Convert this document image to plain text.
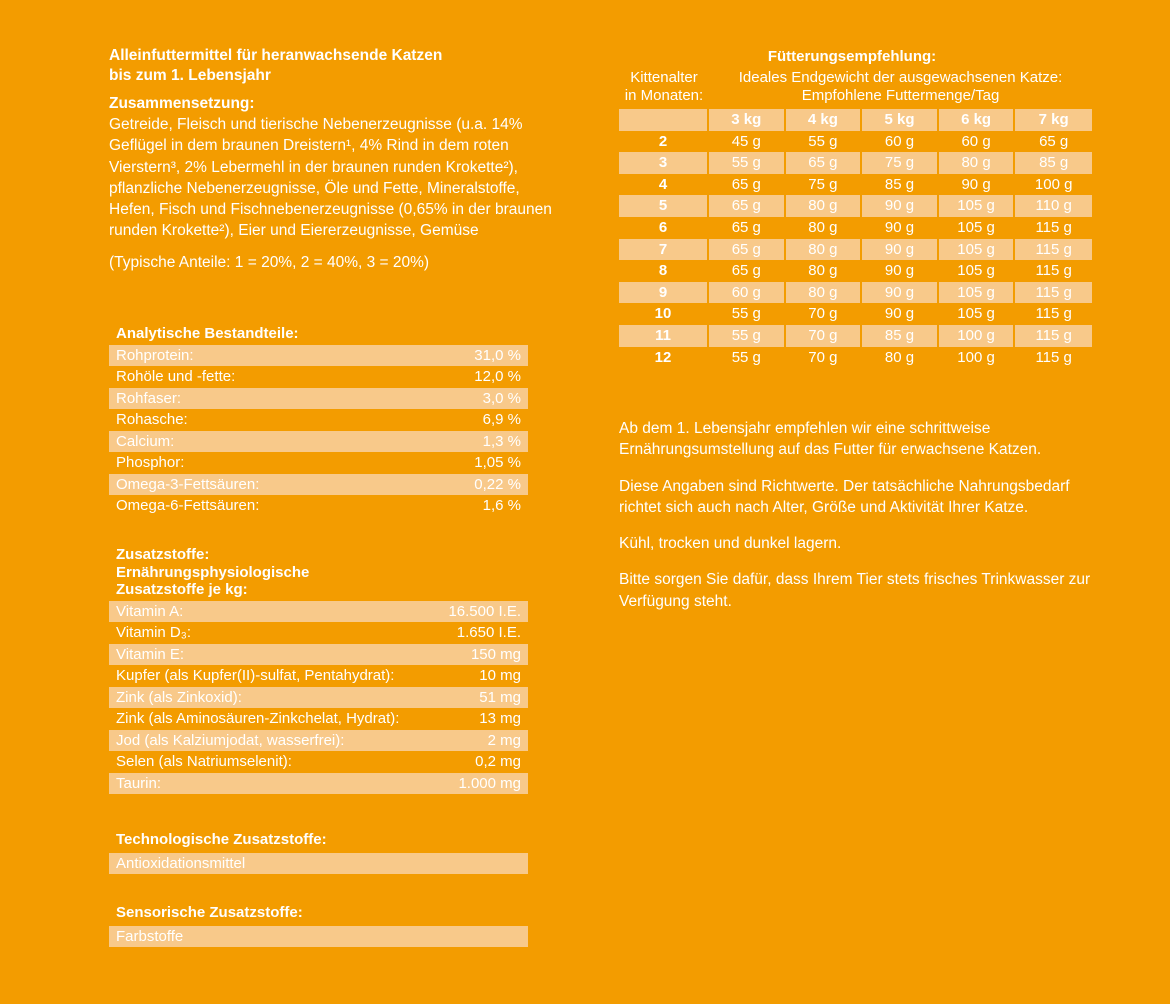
Alleinfuttermittel für heranwachsende Katzen
bis zum 1. Lebensjahr
Zusammensetzung:
Getreide, Fleisch und tierische Nebenerzeugnisse (u.a. 14% Geflügel in dem braunen Dreistern¹, 4% Rind in dem roten Vierstern³, 2% Lebermehl in der braunen runden Krokette²), pflanzliche Nebenerzeugnisse, Öle und Fette, Mineralstoffe, Hefen, Fisch und Fischnebenerzeugnisse (0,65% in der braunen runden Krokette²), Eier und Eiererzeugnisse, Gemüse
(Typische Anteile: 1 = 20%, 2 = 40%, 3 = 20%)
Analytische Bestandteile:
Rohprotein:	31,0 %
Rohöle und -fette:	12,0 %
Rohfaser:	3,0 %
Rohasche:	6,9 %
Calcium:	1,3 %
Phosphor:	1,05 %
Omega-3-Fettsäuren:	0,22 %
Omega-6-Fettsäuren:	1,6 %
Zusatzstoffe:
Ernährungsphysiologische
Zusatzstoffe je kg:
Vitamin A:	16.500 I.E.
Vitamin D₃:	1.650 I.E.
Vitamin E:	150 mg
Kupfer (als Kupfer(II)-sulfat, Pentahydrat):	10 mg
Zink (als Zinkoxid):	51 mg
Zink (als Aminosäuren-Zinkchelat, Hydrat):	13 mg
Jod (als Kalziumjodat, wasserfrei):	2 mg
Selen (als Natriumselenit):	0,2 mg
Taurin:	1.000 mg
Technologische Zusatzstoffe:
Antioxidationsmittel
Sensorische Zusatzstoffe:
Farbstoffe
Fütterungsempfehlung:
Kittenalter
in Monaten:
Ideales Endgewicht der ausgewachsenen Katze:
Empfohlene Futtermenge/Tag
3 kg	4 kg	5 kg	6 kg	7 kg
2	45 g	55 g	60 g	60 g	65 g
3	55 g	65 g	75 g	80 g	85 g
4	65 g	75 g	85 g	90 g	100 g
5	65 g	80 g	90 g	105 g	110 g
6	65 g	80 g	90 g	105 g	115 g
7	65 g	80 g	90 g	105 g	115 g
8	65 g	80 g	90 g	105 g	115 g
9	60 g	80 g	90 g	105 g	115 g
10	55 g	70 g	90 g	105 g	115 g
11	55 g	70 g	85 g	100 g	115 g
12	55 g	70 g	80 g	100 g	115 g

Ab dem 1. Lebensjahr empfehlen wir eine schrittweise Ernährungsumstellung auf das Futter für erwachsene Katzen.

Diese Angaben sind Richtwerte. Der tatsächliche Nahrungsbedarf richtet sich auch nach Alter, Größe und Aktivität Ihrer Katze.

Kühl, trocken und dunkel lagern.

Bitte sorgen Sie dafür, dass Ihrem Tier stets frisches Trinkwasser zur Verfügung steht.
